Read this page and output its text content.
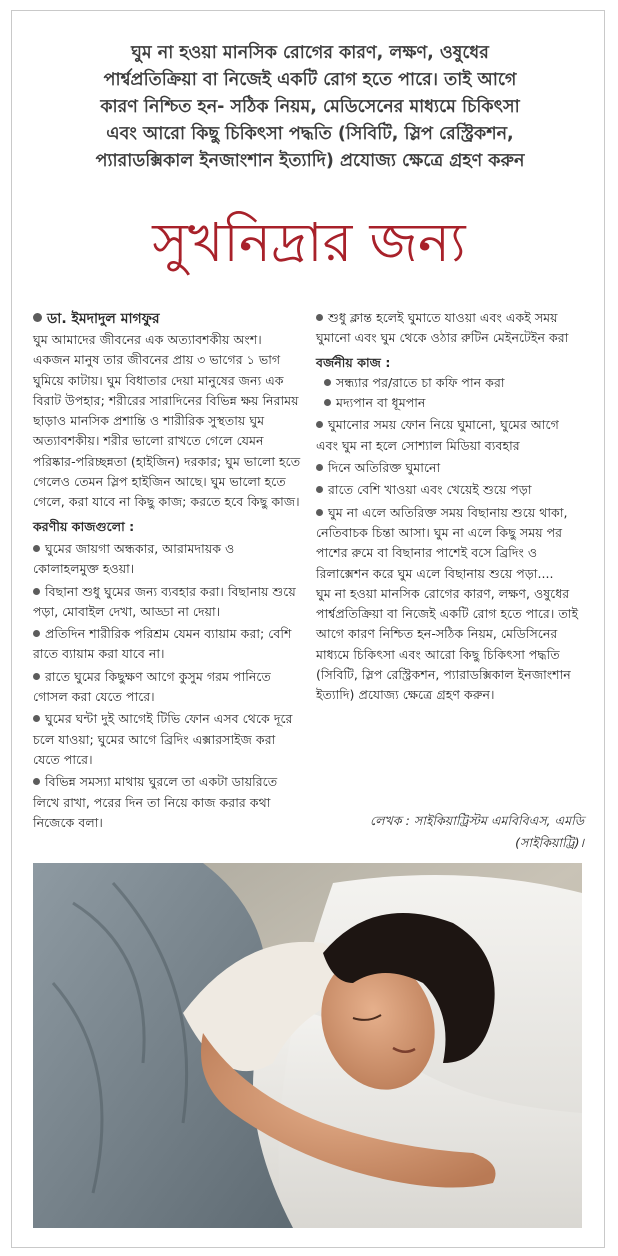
ঘুম না হওয়া মানসিক রোগের কারণ, লক্ষণ, ওষুধের
পার্শ্বপ্রতিক্রিয়া বা নিজেই একটি রোগ হতে পারে। তাই আগে
কারণ নিশ্চিত হন- সঠিক নিয়ম, মেডিসেনের মাধ্যমে চিকিৎসা
এবং আরো কিছু চিকিৎসা পদ্ধতি (সিবিটি, স্লিপ রেস্ট্রিকশন,
প্যারাডক্সিকাল ইনজাংশান ইত্যাদি) প্রযোজ্য ক্ষেত্রে গ্রহণ করুন
সুখনিদ্রার জন্য

ডা. ইমদাদুল মাগফুর

ঘুম আমাদের জীবনের এক অত্যাবশকীয় অংশ। একজন মানুষ তার জীবনের প্রায় ৩ ভাগের ১ ভাগ ঘুমিয়ে কাটায়। ঘুম বিধাতার দেয়া মানুষের জন্য এক বিরাট উপহার; শরীরের সারাদিনের বিভিন্ন ক্ষয় নিরাময় ছাড়াও মানসিক প্রশান্তি ও শারীরিক সুস্থতায় ঘুম অত্যাবশকীয়। শরীর ভালো রাখতে গেলে যেমন পরিষ্কার-পরিচ্ছন্নতা (হাইজিন) দরকার; ঘুম ভালো হতে গেলেও তেমন স্লিপ হাইজিন আছে। ঘুম ভালো হতে গেলে, করা যাবে না কিছু কাজ; করতে হবে কিছু কাজ।

করণীয় কাজগুলো :

ঘুমের জায়গা অন্ধকার, আরামদায়ক ও কোলাহলমুক্ত হওয়া।

বিছানা শুধু ঘুমের জন্য ব্যবহার করা। বিছানায় শুয়ে পড়া, মোবাইল দেখা, আড্ডা না দেয়া।

প্রতিদিন শারীরিক পরিশ্রম যেমন ব্যায়াম করা; বেশি রাতে ব্যায়াম করা যাবে না।

রাতে ঘুমের কিছুক্ষণ আগে কুসুম গরম পানিতে গোসল করা যেতে পারে।

ঘুমের ঘন্টা দুই আগেই টিভি ফোন এসব থেকে দূরে চলে যাওয়া; ঘুমের আগে ব্রিদিং এক্সারসাইজ করা যেতে পারে।

বিভিন্ন সমস্যা মাথায় ঘুরলে তা একটা ডায়রিতে লিখে রাখা, পরের দিন তা নিয়ে কাজ করার কথা নিজেকে বলা।

শুধু ক্লান্ত হলেই ঘুমাতে যাওয়া এবং একই সময় ঘুমানো এবং ঘুম থেকে ওঠার রুটিন মেইনটেইন করা

বর্জনীয় কাজ :

সন্ধ্যার পর/রাতে চা কফি পান করা

মদ্যপান বা ধূমপান

ঘুমানোর সময় ফোন নিয়ে ঘুমানো, ঘুমের আগে এবং ঘুম না হলে সোশ্যাল মিডিয়া ব্যবহার

দিনে অতিরিক্ত ঘুমানো

রাতে বেশি খাওয়া এবং খেয়েই শুয়ে পড়া

ঘুম না এলে অতিরিক্ত সময় বিছানায় শুয়ে থাকা, নেতিবাচক চিন্তা আসা। ঘুম না এলে কিছু সময় পর পাশের রুমে বা বিছানার পাশেই বসে ব্রিদিং ও রিলাক্সেশন করে ঘুম এলে বিছানায় শুয়ে পড়া....

ঘুম না হওয়া মানসিক রোগের কারণ, লক্ষণ, ওষুধের পার্শ্বপ্রতিক্রিয়া বা নিজেই একটি রোগ হতে পারে। তাই আগে কারণ নিশ্চিত হন-সঠিক নিয়ম, মেডিসিনের মাধ্যমে চিকিৎসা এবং আরো কিছু চিকিৎসা পদ্ধতি (সিবিটি, স্লিপ রেস্ট্রিকশন, প্যারাডক্সিকাল ইনজাংশান ইত্যাদি) প্রযোজ্য ক্ষেত্রে গ্রহণ করুন।

লেখক : সাইকিয়াট্রিস্টম এমবিবিএস, এমডি (সাইকিয়াট্রি)।
